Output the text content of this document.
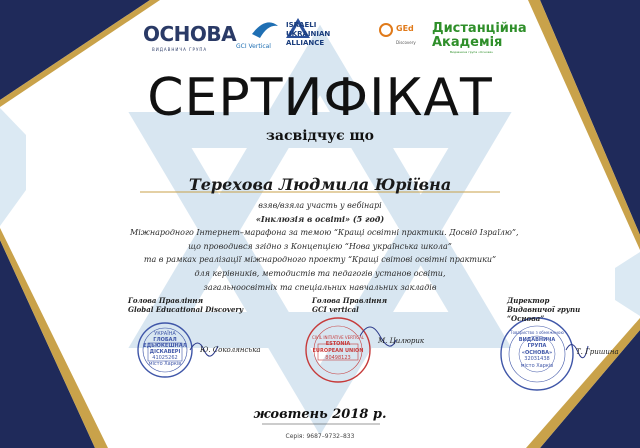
ОСНОВА
ВИДАВНИЧА ГРУПА	GCI Vertical
ISRAELI
UKRAINIAN
ALLIANCE
GEd
Discovery
Дистанційна
Академія
Видавнича група «Основа»
СЕРТИФІКАТ
засвідчує що
Терехова Людмила Юріївна
взяв/взяла участь у вебінарі
«Інклюзія в освіті» (5 год)
Міжнародного Інтернет–марафона за темою “Кращі освітні практики. Досвід Ізраїлю”,
що проводився згідно з Концепцією “Нова українська школа”
та в рамках реалізації міжнародного проекту “Кращі світові освітні практики”
для керівників, методистів та педагогів установ освіти,
загальноосвітніх та спеціальних навчальних закладів
Голова Правління
Global Educational Discovery
Ю. Соколянська
Голова Правління
GCI vertical
М. Цилюрик
Директор
Видавничої групи
“Основа”
Т. Гришина
УКРАЇНА
ГЛОБАЛ
ЕДЬЮКЕШНАЛ
ДІСКАВЕРІ
41025262
місто Харків
CIVIL INITIATIVE VERTICAL
ESTONIA
EUROPEAN UNION
80498123
Товариство з обмеженою
ВИДАВНИЧА
ГРУПА
«ОСНОВА»
32031438
місто Харків
жовтень 2018 р.
Серія: 9687–9732–833
